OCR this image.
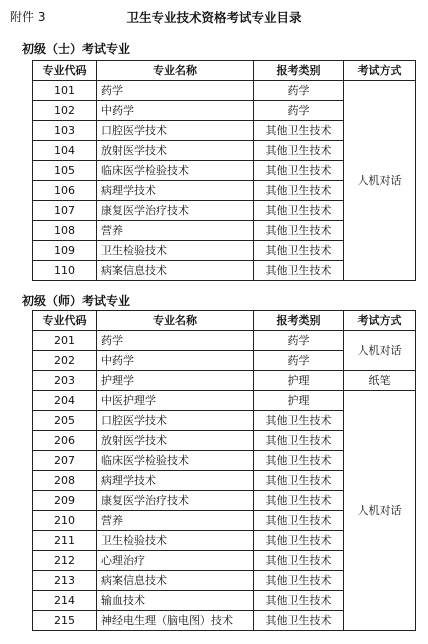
附件 3	卫生专业技术资格考试专业目录
初级（士）考试专业
专业代码	专业名称	报考类别	考试方式
101	药学	药学	人机对话
102	中药学	药学	
103	口腔医学技术	其他卫生技术	
104	放射医学技术	其他卫生技术	
105	临床医学检验技术	其他卫生技术	
106	病理学技术	其他卫生技术	
107	康复医学治疗技术	其他卫生技术	
108	营养	其他卫生技术	
109	卫生检验技术	其他卫生技术	
110	病案信息技术	其他卫生技术	
初级（师）考试专业
专业代码	专业名称	报考类别	考试方式
201	药学	药学	人机对话
202	中药学	药学	
203	护理学	护理	纸笔
204	中医护理学	护理	人机对话
205	口腔医学技术	其他卫生技术	
206	放射医学技术	其他卫生技术	
207	临床医学检验技术	其他卫生技术	
208	病理学技术	其他卫生技术	
209	康复医学治疗技术	其他卫生技术	
210	营养	其他卫生技术	
211	卫生检验技术	其他卫生技术	
212	心理治疗	其他卫生技术	
213	病案信息技术	其他卫生技术	
214	输血技术	其他卫生技术	
215	神经电生理（脑电图）技术	其他卫生技术	
